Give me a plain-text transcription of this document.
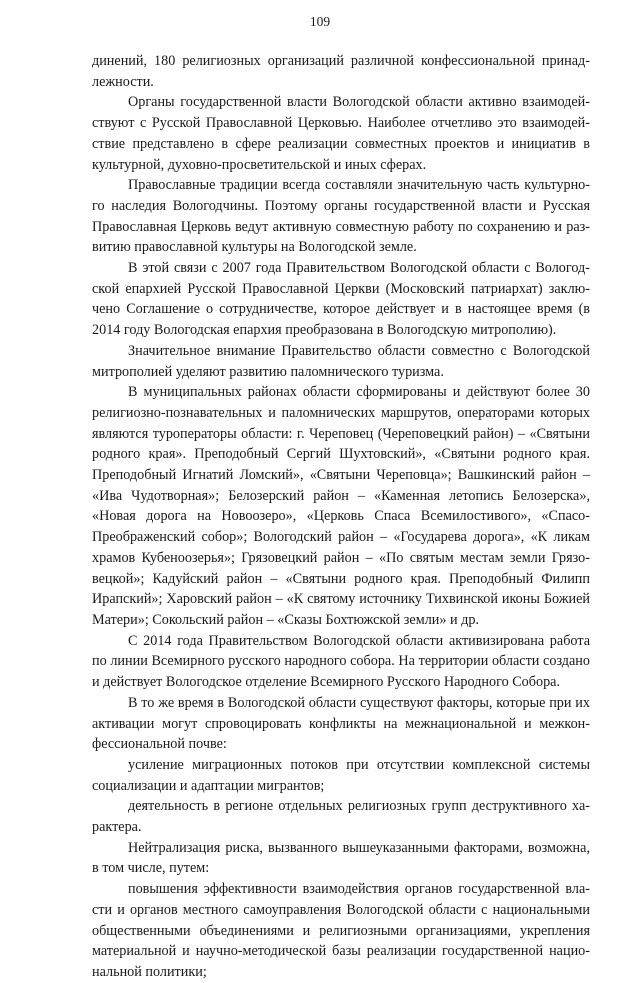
109

динений, 180 религиозных организаций различной конфессиональной принадлежности.

Органы государственной власти Вологодской области активно взаимодействуют с Русской Православной Церковью. Наиболее отчетливо это взаимодействие представлено в сфере реализации совместных проектов и инициатив в культурной, духовно-просветительской и иных сферах.

Православные традиции всегда составляли значительную часть культурного наследия Вологодчины. Поэтому органы государственной власти и Русская Православная Церковь ведут активную совместную работу по сохранению и развитию православной культуры на Вологодской земле.

В этой связи с 2007 года Правительством Вологодской области с Вологодской епархией Русской Православной Церкви (Московский патриархат) заключено Соглашение о сотрудничестве, которое действует и в настоящее время (в 2014 году Вологодская епархия преобразована в Вологодскую митрополию).

Значительное внимание Правительство области совместно с Вологодской митрополией уделяют развитию паломнического туризма.

В муниципальных районах области сформированы и действуют более 30 религиозно-познавательных и паломнических маршрутов, операторами которых являются туроператоры области: г. Череповец (Череповецкий район) – «Святыни родного края». Преподобный Сергий Шухтовский», «Святыни родного края. Преподобный Игнатий Ломский», «Святыни Череповца»; Вашкинский район – «Ива Чудотворная»; Белозерский район – «Каменная летопись Белозерска», «Новая дорога на Новоозеро», «Церковь Спаса Всемилостивого», «Спасо-Преображенский собор»; Вологодский район – «Государева дорога», «К ликам храмов Кубеноозерья»; Грязовецкий район – «По святым местам земли Грязовецкой»; Кадуйский район – «Святыни родного края. Преподобный Филипп Ирапский»; Харовский район – «К святому источнику Тихвинской иконы Божией Матери»; Сокольский район – «Сказы Бохтюжской земли» и др.

С 2014 года Правительством Вологодской области активизирована работа по линии Всемирного русского народного собора. На территории области создано и действует Вологодское отделение Всемирного Русского Народного Собора.

В то же время в Вологодской области существуют факторы, которые при их активации могут спровоцировать конфликты на межнациональной и межконфессиональной почве:

усиление миграционных потоков при отсутствии комплексной системы социализации и адаптации мигрантов;

деятельность в регионе отдельных религиозных групп деструктивного характера.

Нейтрализация риска, вызванного вышеуказанными факторами, возможна, в том числе, путем:

повышения эффективности взаимодействия органов государственной власти и органов местного самоуправления Вологодской области с национальными общественными объединениями и религиозными организациями, укрепления материальной и научно-методической базы реализации государственной национальной политики;
